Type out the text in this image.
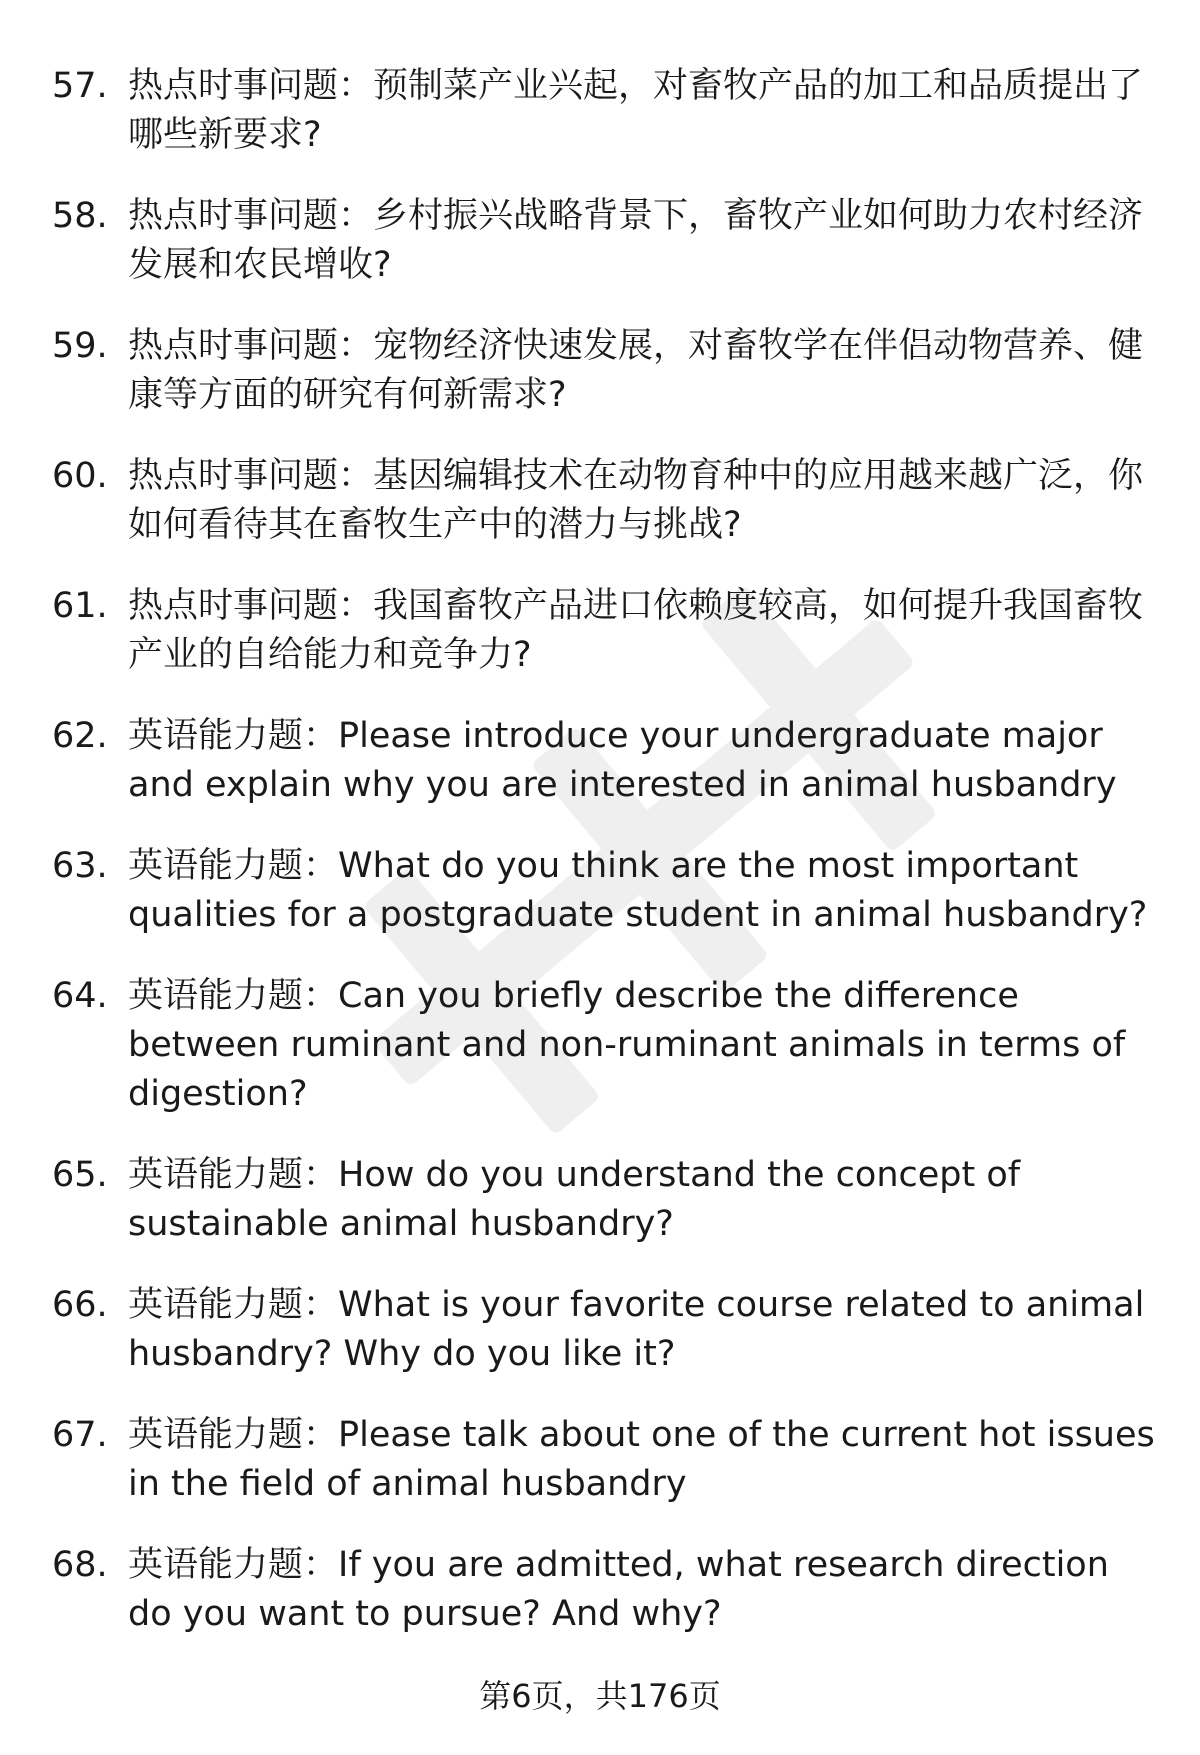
57. 热点时事问题：预制菜产业兴起，对畜牧产品的加工和品质提出了哪些新要求?
58. 热点时事问题：乡村振兴战略背景下，畜牧产业如何助力农村经济发展和农民增收?
59. 热点时事问题：宠物经济快速发展，对畜牧学在伴侣动物营养、健康等方面的研究有何新需求?
60. 热点时事问题：基因编辑技术在动物育种中的应用越来越广泛，你如何看待其在畜牧生产中的潜力与挑战?
61. 热点时事问题：我国畜牧产品进口依赖度较高，如何提升我国畜牧产业的自给能力和竞争力?
62. 英语能力题：Please introduce your undergraduate major and explain why you are interested in animal husbandry
63. 英语能力题：What do you think are the most important qualities for a postgraduate student in animal husbandry?
64. 英语能力题：Can you briefly describe the difference between ruminant and non-ruminant animals in terms of digestion?
65. 英语能力题：How do you understand the concept of sustainable animal husbandry?
66. 英语能力题：What is your favorite course related to animal husbandry? Why do you like it?
67. 英语能力题：Please talk about one of the current hot issues in the field of animal husbandry
68. 英语能力题：If you are admitted, what research direction do you want to pursue? And why?
第6页，共176页
